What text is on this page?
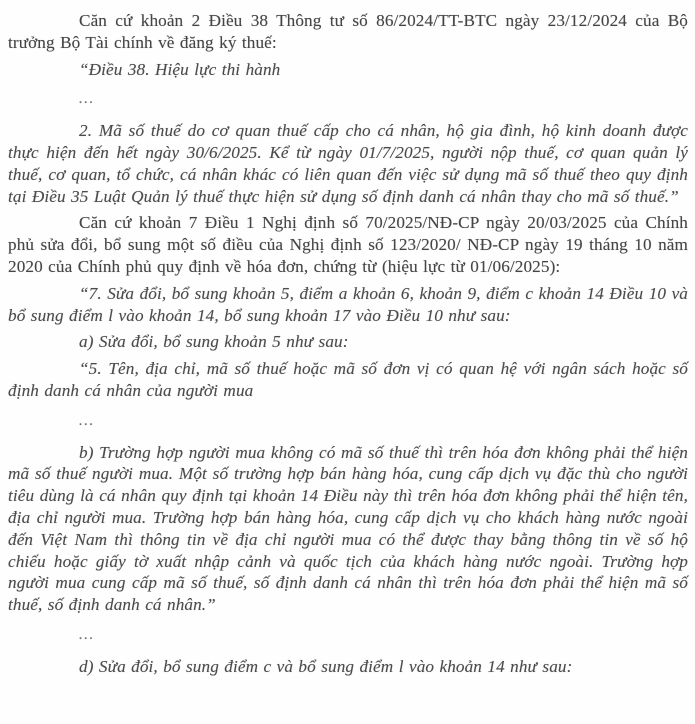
Căn cứ khoản 2 Điều 38 Thông tư số 86/2024/TT-BTC ngày 23/12/2024 của Bộ trưởng Bộ Tài chính về đăng ký thuế:

“Điều 38. Hiệu lực thi hành

...

2. Mã số thuế do cơ quan thuế cấp cho cá nhân, hộ gia đình, hộ kinh doanh được thực hiện đến hết ngày 30/6/2025. Kể từ ngày 01/7/2025, người nộp thuế, cơ quan quản lý thuế, cơ quan, tổ chức, cá nhân khác có liên quan đến việc sử dụng mã số thuế theo quy định tại Điều 35 Luật Quản lý thuế thực hiện sử dụng số định danh cá nhân thay cho mã số thuế.”

Căn cứ khoản 7 Điều 1 Nghị định số 70/2025/NĐ-CP ngày 20/03/2025 của Chính phủ sửa đổi, bổ sung một số điều của Nghị định số 123/2020/ NĐ-CP ngày 19 tháng 10 năm 2020 của Chính phủ quy định về hóa đơn, chứng từ (hiệu lực từ 01/06/2025):

“7. Sửa đổi, bổ sung khoản 5, điểm a khoản 6, khoản 9, điểm c khoản 14 Điều 10 và bổ sung điểm l vào khoản 14, bổ sung khoản 17 vào Điều 10 như sau:

a) Sửa đổi, bổ sung khoản 5 như sau:

“5. Tên, địa chỉ, mã số thuế hoặc mã số đơn vị có quan hệ với ngân sách hoặc số định danh cá nhân của người mua

...

b) Trường hợp người mua không có mã số thuế thì trên hóa đơn không phải thể hiện mã số thuế người mua. Một số trường hợp bán hàng hóa, cung cấp dịch vụ đặc thù cho người tiêu dùng là cá nhân quy định tại khoản 14 Điều này thì trên hóa đơn không phải thể hiện tên, địa chỉ người mua. Trường hợp bán hàng hóa, cung cấp dịch vụ cho khách hàng nước ngoài đến Việt Nam thì thông tin về địa chỉ người mua có thể được thay bằng thông tin về số hộ chiếu hoặc giấy tờ xuất nhập cảnh và quốc tịch của khách hàng nước ngoài. Trường hợp người mua cung cấp mã số thuế, số định danh cá nhân thì trên hóa đơn phải thể hiện mã số thuế, số định danh cá nhân.”

...

d) Sửa đổi, bổ sung điểm c và bổ sung điểm l vào khoản 14 như sau:
